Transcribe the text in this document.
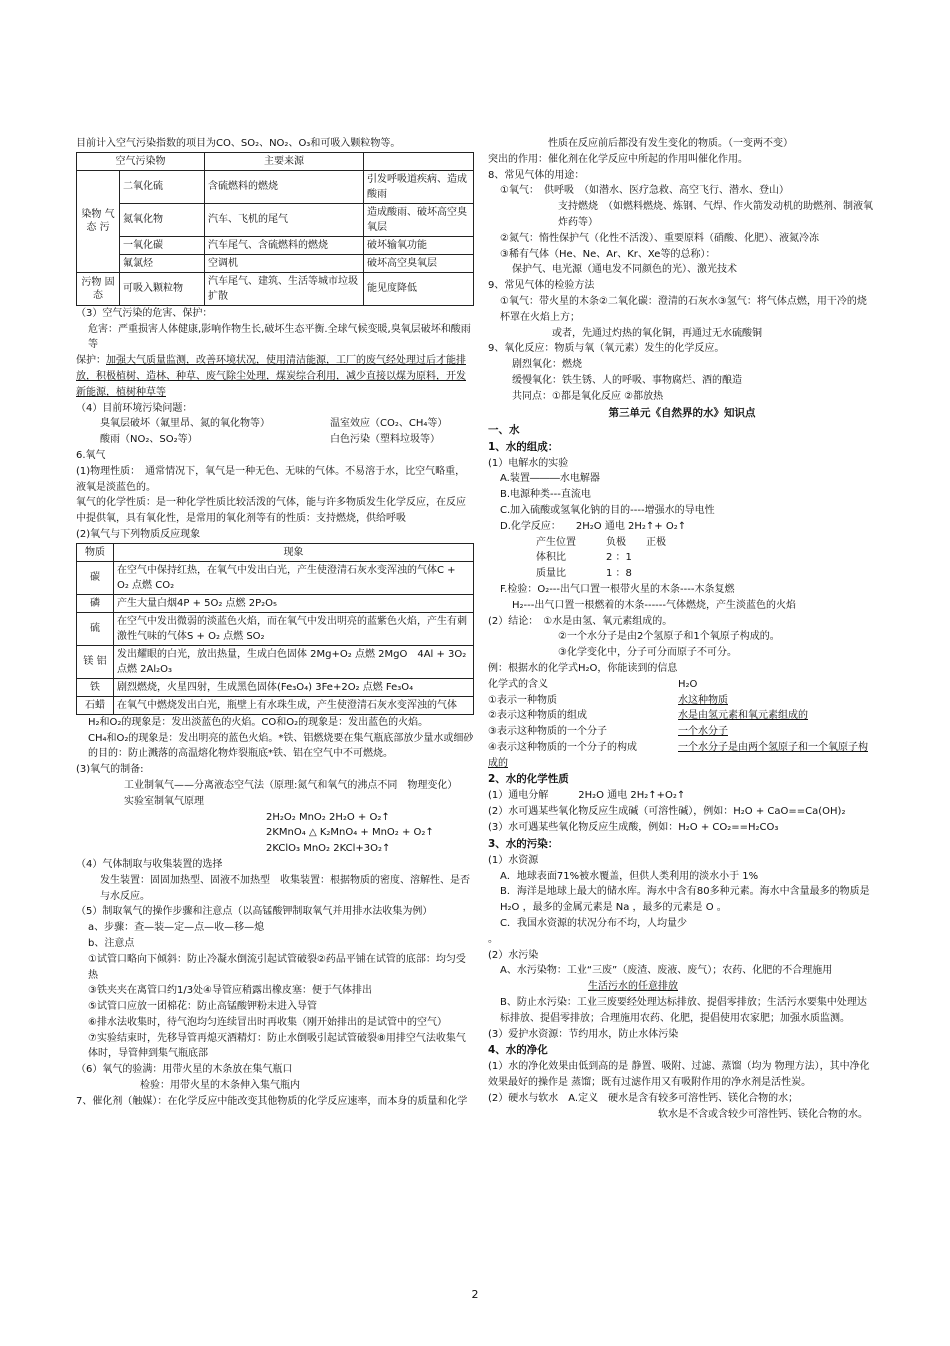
目前计入空气污染指数的项目为CO、SO₂、NO₂、O₃和可吸入颗粒物等。

空气污染物		主要来源	
染物 气态 污	二氧化硫	含硫燃料的燃烧	引发呼吸道疾病、造成酸雨
	氮氧化物	汽车、飞机的尾气	造成酸雨、破坏高空臭氧层
	一氧化碳	汽车尾气、含硫燃料的燃烧	破坏输氧功能
	氟氯烃	空调机	破坏高空臭氧层
污物 固态	可吸入颗粒物	汽车尾气、建筑、生活等城市垃圾扩散	能见度降低

（3）空气污染的危害、保护：

危害：严重损害人体健康,影响作物生长,破坏生态平衡.全球气候变暖,臭氧层破坏和酸雨等

保护：加强大气质量监测，改善环境状况，使用清洁能源，工厂的废气经处理过后才能排放，积极植树、造林、种草、废气除尘处理，煤炭综合利用，减少直接以煤为原料，开发新能源，植树种草等

（4）目前环境污染问题：

臭氧层破坏（氟里昂、氮的氧化物等）	温室效应（CO₂、CH₄等）

酸雨（NO₂、SO₂等）	白色污染（塑料垃圾等）

6.氧气

(1)物理性质：　通常情况下，氧气是一种无色、无味的气体。不易溶于水，比空气略重，液氧是淡蓝色的。

氧气的化学性质：是一种化学性质比较活泼的气体，能与许多物质发生化学反应，在反应中提供氧，具有氧化性，是常用的氧化剂等有的性质：支持燃烧，供给呼吸

(2)氧气与下列物质反应现象

物质	现象
碳	在空气中保持红热，在氧气中发出白光，产生使澄清石灰水变浑浊的气体C + O₂ 点燃 CO₂
磷	产生大量白烟4P + 5O₂ 点燃 2P₂O₅
硫	在空气中发出微弱的淡蓝色火焰，而在氧气中发出明亮的蓝紫色火焰，产生有刺激性气味的气体S + O₂ 点燃 SO₂
镁 铝	发出耀眼的白光，放出热量，生成白色固体 2Mg+O₂ 点燃 2MgO　4Al + 3O₂ 点燃 2Al₂O₃
铁	剧烈燃烧，火星四射，生成黑色固体(Fe₃O₄) 3Fe+2O₂ 点燃 Fe₃O₄
石蜡	在氧气中燃烧发出白光，瓶壁上有水珠生成，产生使澄清石灰水变浑浊的气体

H₂和O₂的现象是：发出淡蓝色的火焰。CO和O₂的现象是：发出蓝色的火焰。

CH₄和O₂的现象是：发出明亮的蓝色火焰。*铁、铝燃烧要在集气瓶底部放少量水或细砂的目的：防止溅落的高温熔化物炸裂瓶底*铁、铝在空气中不可燃烧。

(3)氧气的制备:

工业制氧气——分离液态空气法（原理:氮气和氧气的沸点不同　物理变化）

实验室制氧气原理

2H₂O₂ MnO₂ 2H₂O + O₂↑

2KMnO₄ △ K₂MnO₄ + MnO₂ + O₂↑

2KClO₃ MnO₂ 2KCl+3O₂↑

（4）气体制取与收集装置的选择

发生装置：固固加热型、固液不加热型　收集装置：根据物质的密度、溶解性、是否与水反应。

（5）制取氧气的操作步骤和注意点（以高锰酸钾制取氧气并用排水法收集为例）

a、步骤：查—装—定—点—收—移—熄

b、注意点

①试管口略向下倾斜：防止冷凝水倒流引起试管破裂②药品平铺在试管的底部：均匀受热

③铁夹夹在离管口约1/3处④导管应稍露出橡皮塞：便于气体排出

⑤试管口应放一团棉花：防止高锰酸钾粉末进入导管

⑥排水法收集时，待气泡均匀连续冒出时再收集（刚开始排出的是试管中的空气）

⑦实验结束时，先移导管再熄灭酒精灯：防止水倒吸引起试管破裂⑧用排空气法收集气体时，导管伸到集气瓶底部

（6）氧气的验满：用带火星的木条放在集气瓶口

检验：用带火星的木条伸入集气瓶内

7、催化剂（触媒）：在化学反应中能改变其他物质的化学反应速率，而本身的质量和化学

性质在反应前后都没有发生变化的物质。（一变两不变）

突出的作用：催化剂在化学反应中所起的作用叫催化作用。

8、常见气体的用途：

①氧气：　供呼吸　（如潜水、医疗急救、高空飞行、潜水、登山）

支持燃烧　（如燃料燃烧、炼钢、气焊、作火箭发动机的助燃剂、制液氧炸药等）

②氮气：惰性保护气（化性不活泼）、重要原料（硝酸、化肥）、液氮冷冻

③稀有气体（He、Ne、Ar、Kr、Xe等的总称）：

保护气、电光源（通电发不同颜色的光）、激光技术

9、常见气体的检验方法

①氧气：带火星的木条②二氧化碳：澄清的石灰水③氢气：将气体点燃，用干冷的烧杯罩在火焰上方；

或者，先通过灼热的氧化铜，再通过无水硫酸铜

9、氧化反应：物质与氧（氧元素）发生的化学反应。

剧烈氧化：燃烧

缓慢氧化：铁生锈、人的呼吸、事物腐烂、酒的酿造

共同点：①都是氧化反应 ②都放热

第三单元《自然界的水》知识点

一、水

1、水的组成：

(1）电解水的实验

A.装置―――水电解器

B.电源种类---直流电

C.加入硫酸或氢氧化钠的目的----增强水的导电性

D.化学反应：　　2H₂O 通电 2H₂↑+ O₂↑

产生位置　　　负极　　正极

体积比　　　　2 ：1

质量比　　　　1 ：8

F.检验：O₂---出气口置一根带火星的木条----木条复燃

H₂---出气口置一根燃着的木条------气体燃烧，产生淡蓝色的火焰

(2）结论：　①水是由氢、氧元素组成的。

②一个水分子是由2个氢原子和1个氧原子构成的。

③化学变化中，分子可分而原子不可分。

例：根据水的化学式H₂O，你能读到的信息

化学式的含义	H₂O

①表示一种物质	水这种物质

②表示这种物质的组成	水是由氢元素和氧元素组成的

③表示这种物质的一个分子	一个水分子

④表示这种物质的一个分子的构成	一个水分子是由两个氢原子和一个氧原子构成的

2、水的化学性质

(1）通电分解　　　2H₂O 通电 2H₂↑+O₂↑

(2）水可遇某些氧化物反应生成碱（可溶性碱），例如：H₂O + CaO==Ca(OH)₂

(3）水可遇某些氧化物反应生成酸，例如：H₂O + CO₂==H₂CO₃

3、水的污染：

(1）水资源

A．地球表面71%被水覆盖，但供人类利用的淡水小于 1%

B．海洋是地球上最大的储水库。海水中含有80多种元素。海水中含量最多的物质是 H₂O ，最多的金属元素是 Na ，最多的元素是 O 。

C．我国水资源的状况分布不均，人均量少

。

(2）水污染

A、水污染物：工业“三废”（废渣、废液、废气）；农药、化肥的不合理施用

生活污水的任意排放

B、防止水污染：工业三废要经处理达标排放、提倡零排放；生活污水要集中处理达标排放、提倡零排放；合理施用农药、化肥，提倡使用农家肥；加强水质监测。

(3）爱护水资源：节约用水，防止水体污染

4、水的净化

(1）水的净化效果由低到高的是 静置、吸附、过滤、蒸馏（均为 物理方法），其中净化效果最好的操作是 蒸馏；既有过滤作用又有吸附作用的净水剂是活性炭。

(2）硬水与软水　A.定义　硬水是含有较多可溶性钙、镁化合物的水；

软水是不含或含较少可溶性钙、镁化合物的水。

2
